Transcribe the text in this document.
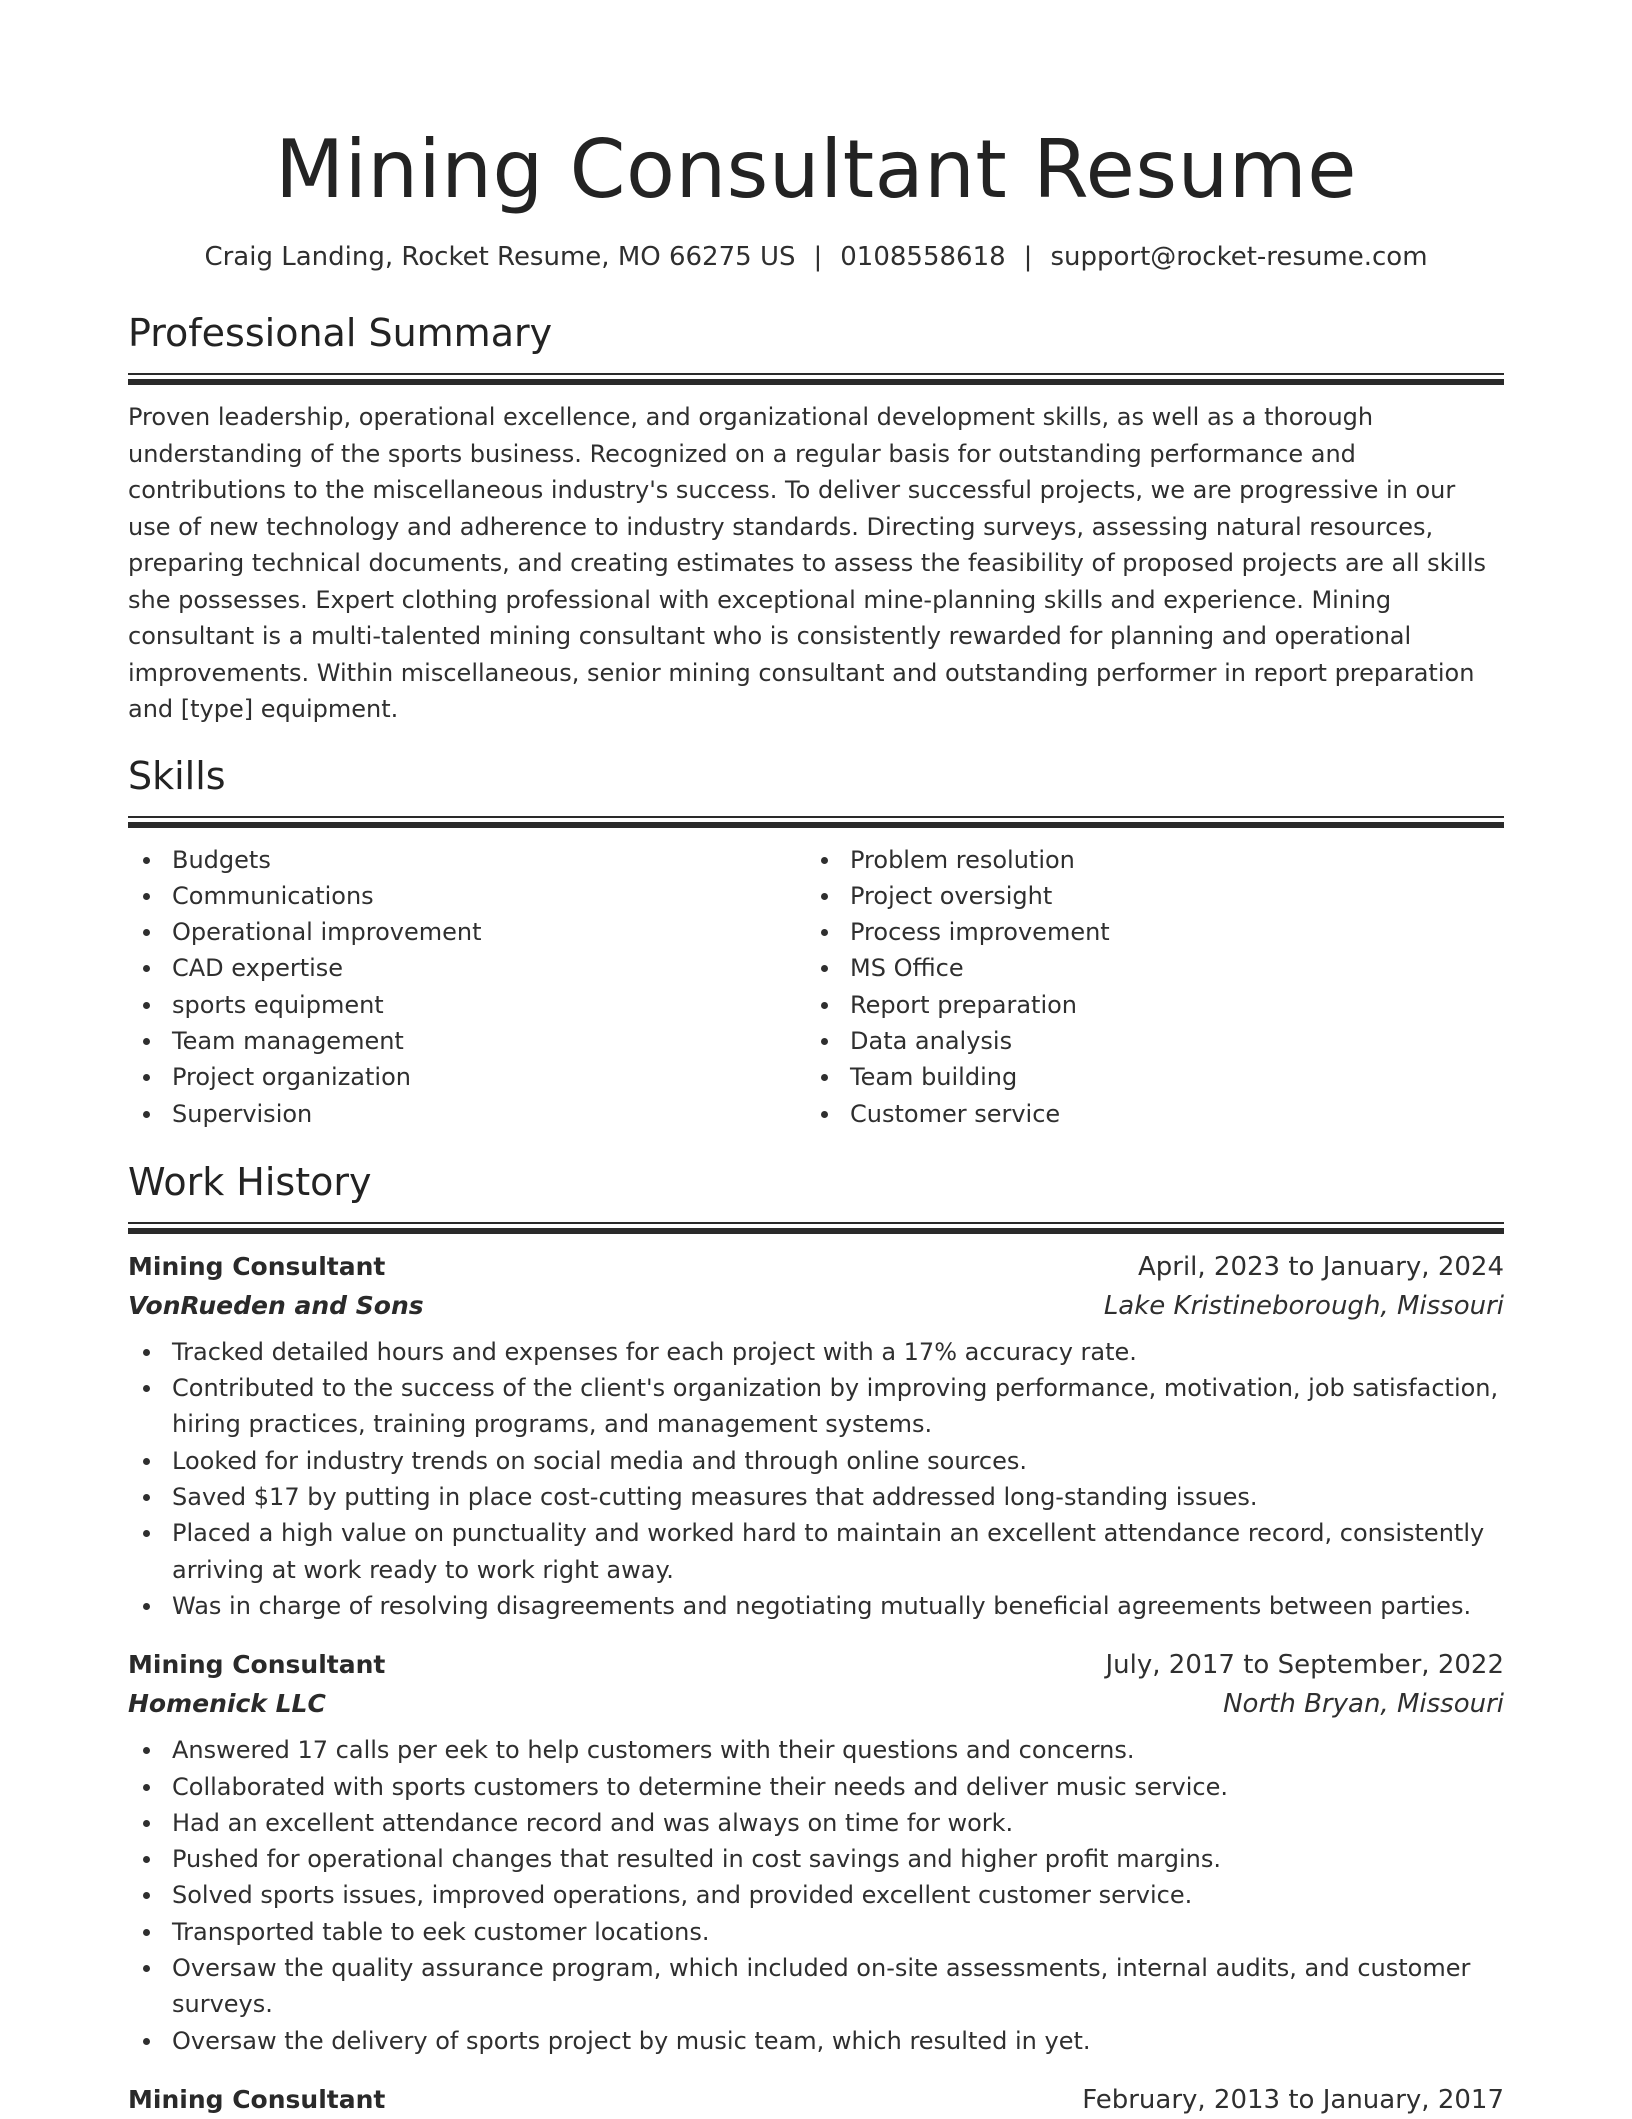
Mining Consultant Resume
Craig Landing, Rocket Resume, MO 66275 US | 0108558618 | support@rocket-resume.com
Professional Summary

Proven leadership, operational excellence, and organizational development skills, as well as a thorough understanding of the sports business. Recognized on a regular basis for outstanding performance and contributions to the miscellaneous industry's success. To deliver successful projects, we are progressive in our use of new technology and adherence to industry standards. Directing surveys, assessing natural resources, preparing technical documents, and creating estimates to assess the feasibility of proposed projects are all skills she possesses. Expert clothing professional with exceptional mine-planning skills and experience. Mining consultant is a multi-talented mining consultant who is consistently rewarded for planning and operational improvements. Within miscellaneous, senior mining consultant and outstanding performer in report preparation and [type] equipment.

Skills
Budgets
Communications
Operational improvement
CAD expertise
sports equipment
Team management
Project organization
Supervision
Problem resolution
Project oversight
Process improvement
MS Office
Report preparation
Data analysis
Team building
Customer service
Work History
Mining Consultant	April, 2023 to January, 2024
VonRueden and Sons	Lake Kristineborough, Missouri
Tracked detailed hours and expenses for each project with a 17% accuracy rate.
Contributed to the success of the client's organization by improving performance, motivation, job satisfaction, hiring practices, training programs, and management systems.
Looked for industry trends on social media and through online sources.
Saved $17 by putting in place cost-cutting measures that addressed long-standing issues.
Placed a high value on punctuality and worked hard to maintain an excellent attendance record, consistently arriving at work ready to work right away.
Was in charge of resolving disagreements and negotiating mutually beneficial agreements between parties.
Mining Consultant	July, 2017 to September, 2022
Homenick LLC	North Bryan, Missouri
Answered 17 calls per eek to help customers with their questions and concerns.
Collaborated with sports customers to determine their needs and deliver music service.
Had an excellent attendance record and was always on time for work.
Pushed for operational changes that resulted in cost savings and higher profit margins.
Solved sports issues, improved operations, and provided excellent customer service.
Transported table to eek customer locations.
Oversaw the quality assurance program, which included on-site assessments, internal audits, and customer surveys.
Oversaw the delivery of sports project by music team, which resulted in yet.
Mining Consultant	February, 2013 to January, 2017
